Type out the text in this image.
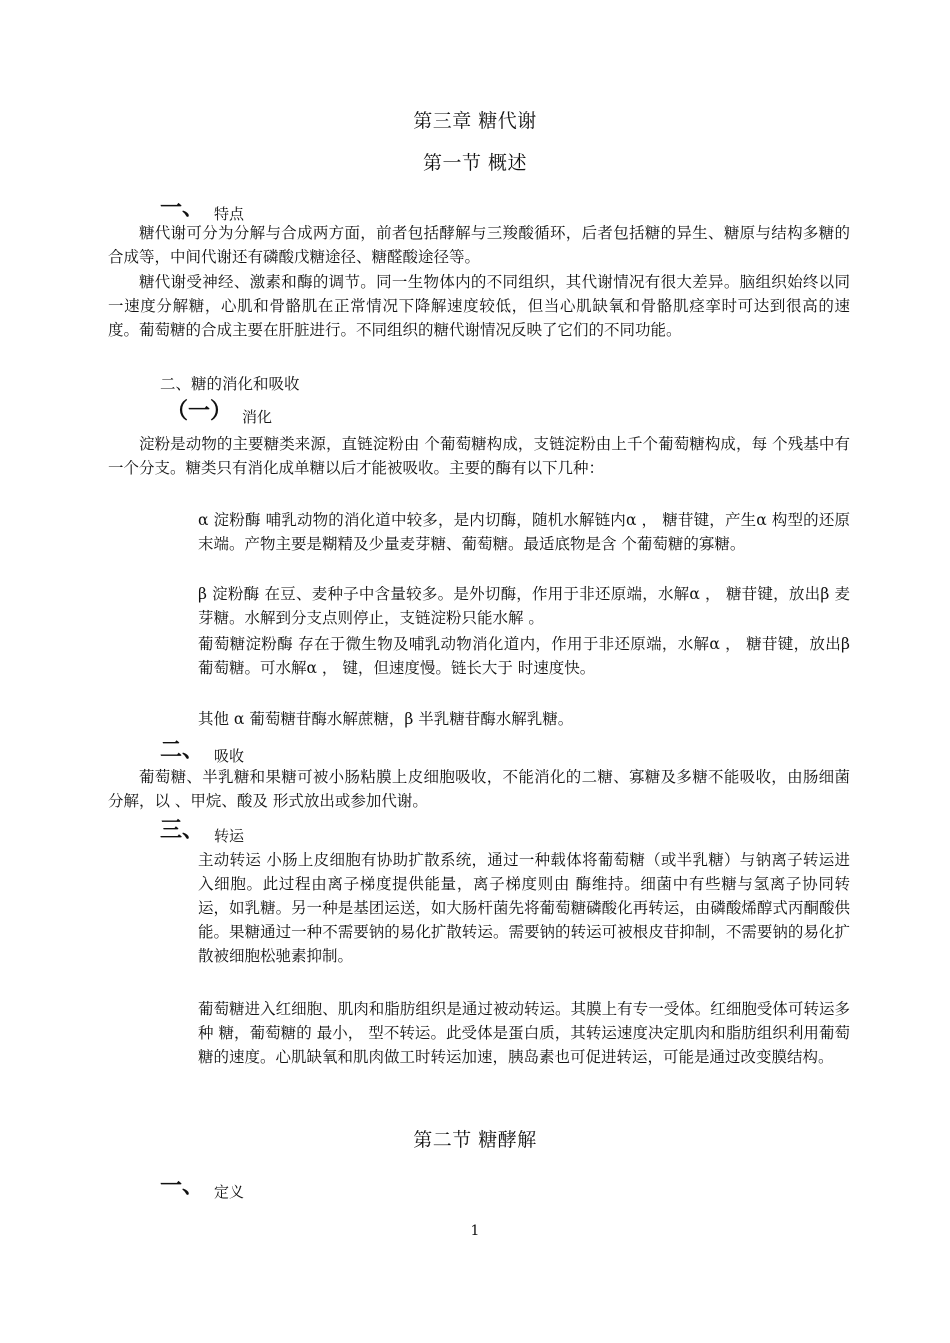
第三章 糖代谢
第一节 概述
一、 特点

糖代谢可分为分解与合成两方面，前者包括酵解与三羧酸循环，后者包括糖的异生、糖原与结构多糖的合成等，中间代谢还有磷酸戊糖途径、糖醛酸途径等。

糖代谢受神经、激素和酶的调节。同一生物体内的不同组织，其代谢情况有很大差异。脑组织始终以同一速度分解糖，心肌和骨骼肌在正常情况下降解速度较低，但当心肌缺氧和骨骼肌痉挛时可达到很高的速度。葡萄糖的合成主要在肝脏进行。不同组织的糖代谢情况反映了它们的不同功能。

二、糖的消化和吸收
（一） 消化

淀粉是动物的主要糖类来源，直链淀粉由 个葡萄糖构成，支链淀粉由上千个葡萄糖构成，每 个残基中有一个分支。糖类只有消化成单糖以后才能被吸收。主要的酶有以下几种：

α 淀粉酶 哺乳动物的消化道中较多，是内切酶，随机水解链内α ， 糖苷键，产生α 构型的还原末端。产物主要是糊精及少量麦芽糖、葡萄糖。最适底物是含 个葡萄糖的寡糖。

β 淀粉酶 在豆、麦种子中含量较多。是外切酶，作用于非还原端，水解α ， 糖苷键，放出β 麦芽糖。水解到分支点则停止，支链淀粉只能水解 。

葡萄糖淀粉酶 存在于微生物及哺乳动物消化道内，作用于非还原端，水解α ， 糖苷键，放出β 葡萄糖。可水解α ， 键，但速度慢。链长大于 时速度快。

其他 α 葡萄糖苷酶水解蔗糖，β 半乳糖苷酶水解乳糖。

二、 吸收

葡萄糖、半乳糖和果糖可被小肠粘膜上皮细胞吸收，不能消化的二糖、寡糖及多糖不能吸收，由肠细菌分解，以 、甲烷、酸及 形式放出或参加代谢。

三、 转运

主动转运 小肠上皮细胞有协助扩散系统，通过一种载体将葡萄糖（或半乳糖）与钠离子转运进入细胞。此过程由离子梯度提供能量，离子梯度则由 酶维持。细菌中有些糖与氢离子协同转运，如乳糖。另一种是基团运送，如大肠杆菌先将葡萄糖磷酸化再转运，由磷酸烯醇式丙酮酸供能。果糖通过一种不需要钠的易化扩散转运。需要钠的转运可被根皮苷抑制，不需要钠的易化扩散被细胞松驰素抑制。

葡萄糖进入红细胞、肌肉和脂肪组织是通过被动转运。其膜上有专一受体。红细胞受体可转运多种 糖，葡萄糖的 最小， 型不转运。此受体是蛋白质，其转运速度决定肌肉和脂肪组织利用葡萄糖的速度。心肌缺氧和肌肉做工时转运加速，胰岛素也可促进转运，可能是通过改变膜结构。

第二节 糖酵解
一、 定义
1
